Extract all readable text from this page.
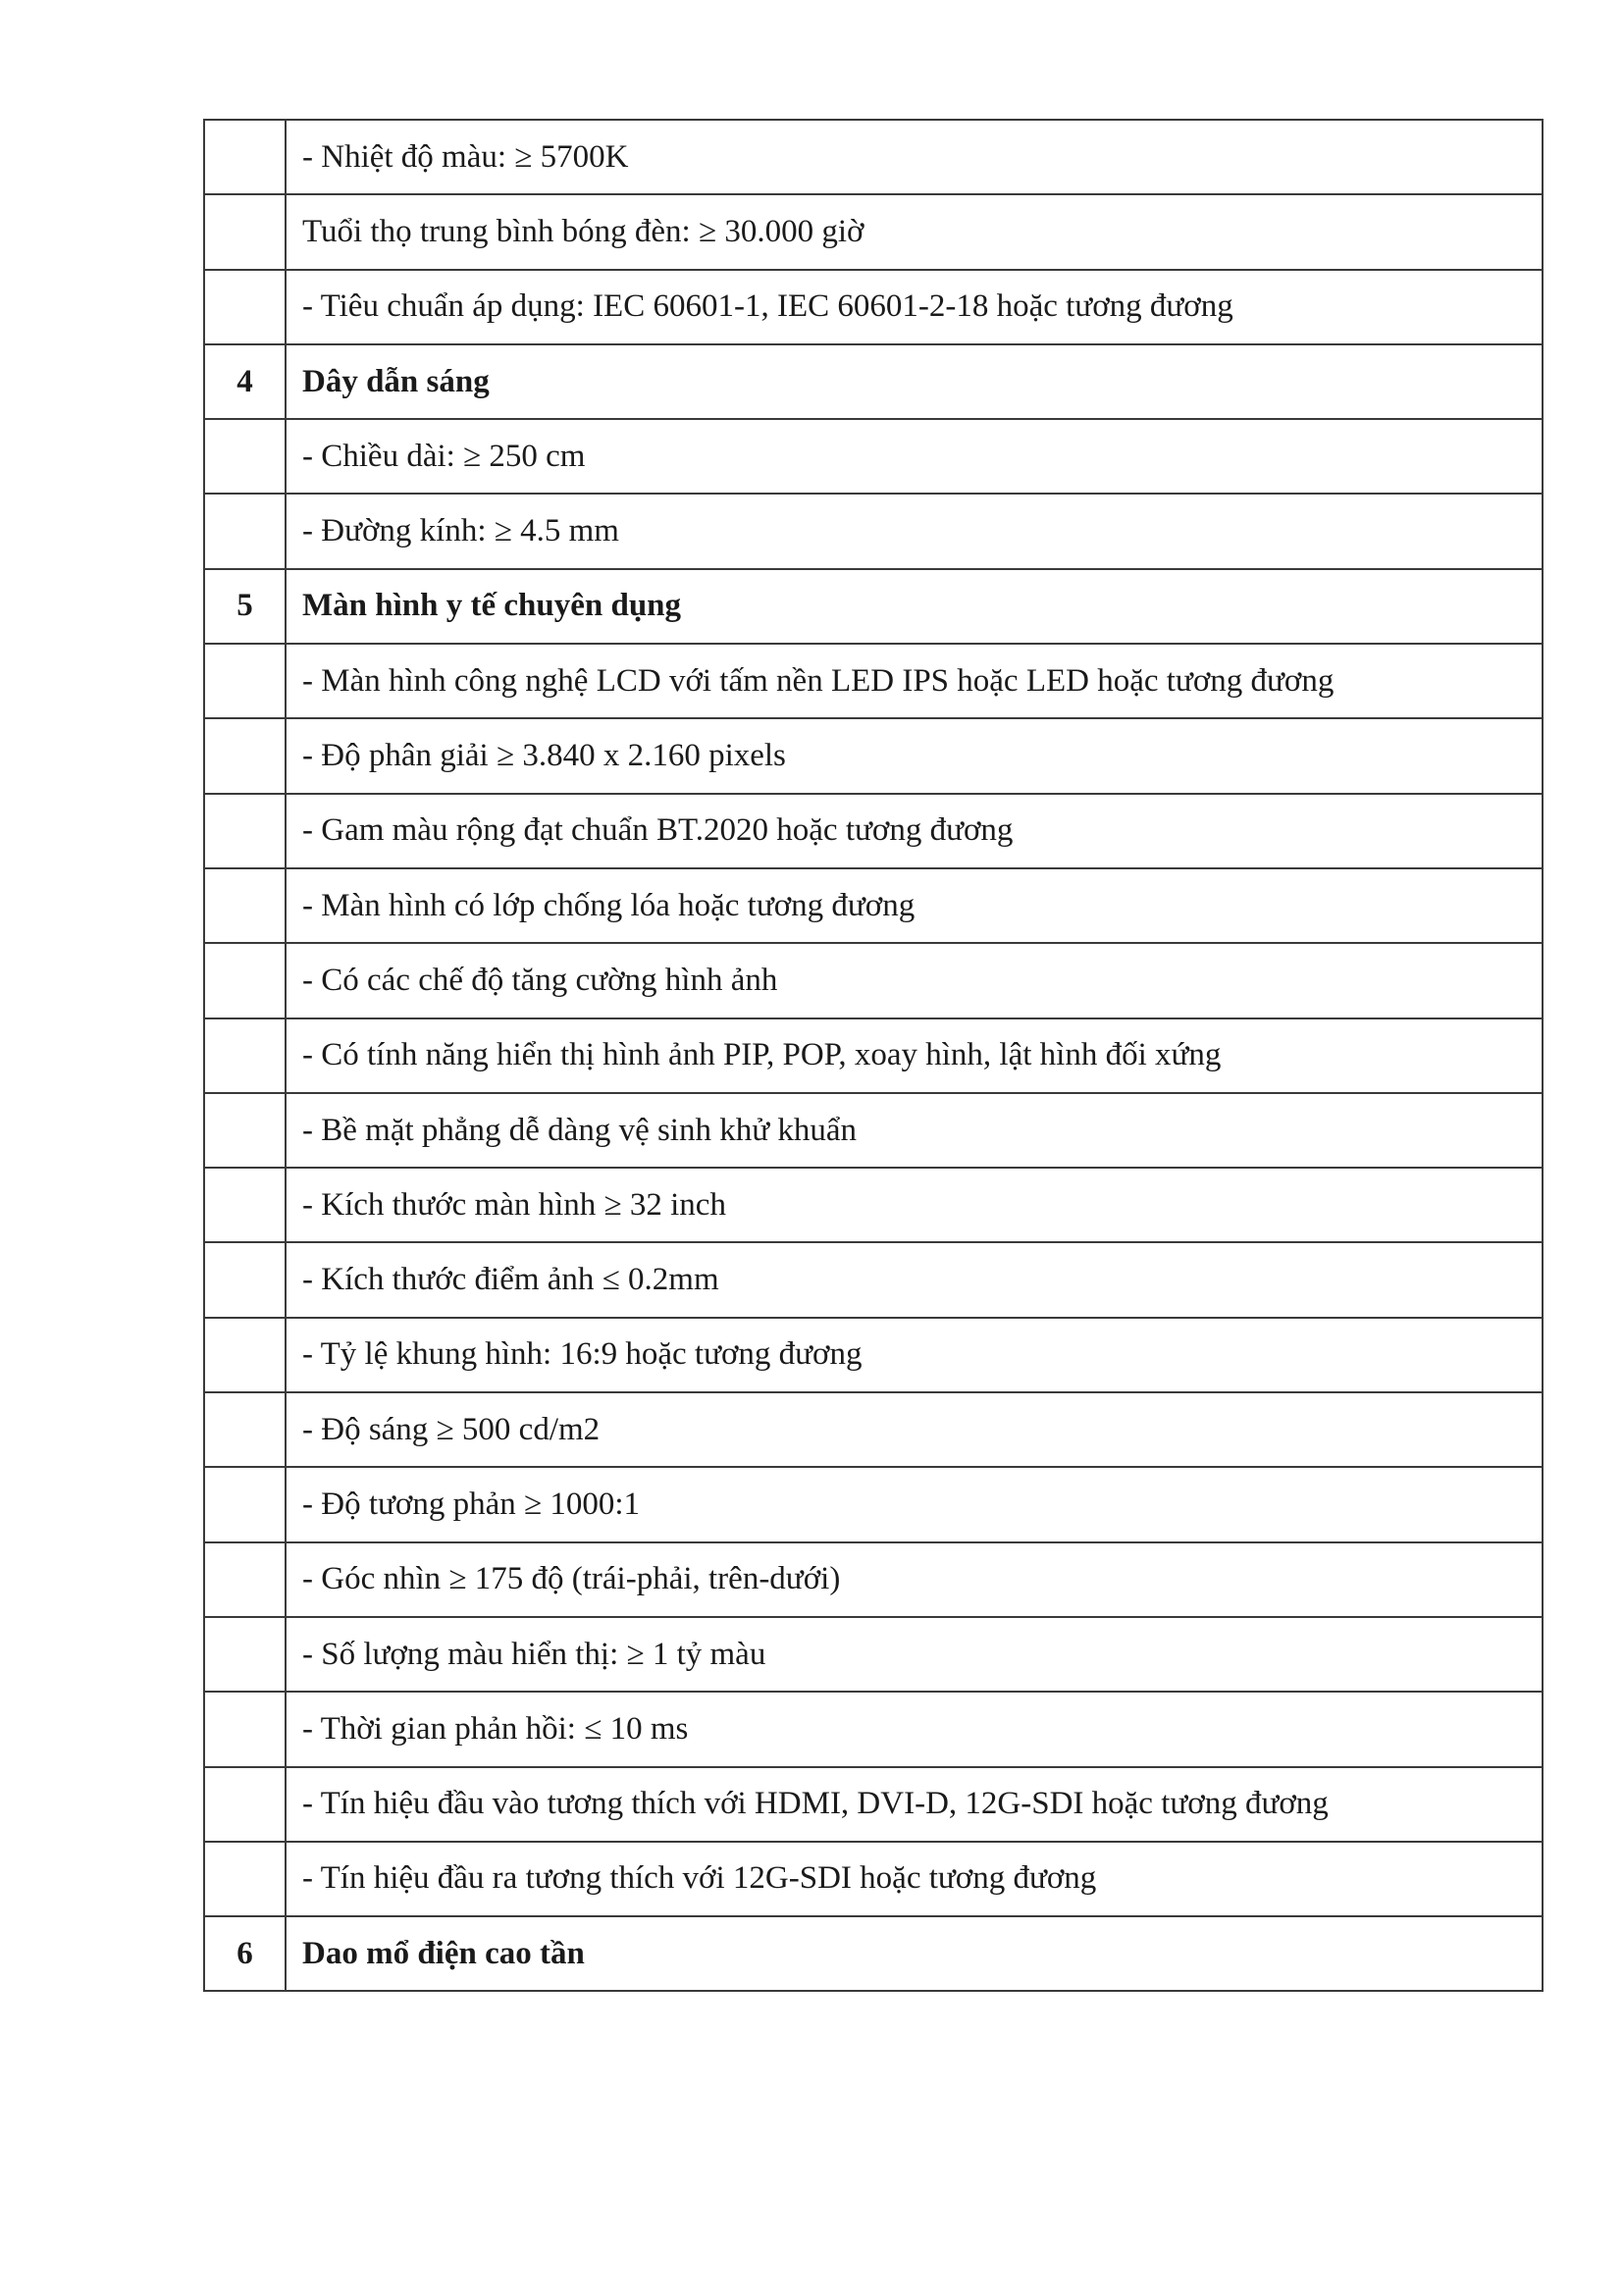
	- Nhiệt độ màu: ≥ 5700K
	Tuổi thọ trung bình bóng đèn: ≥ 30.000 giờ
	- Tiêu chuẩn áp dụng: IEC 60601-1, IEC 60601-2-18 hoặc tương đương
4	Dây dẫn sáng
	- Chiều dài: ≥ 250 cm
	- Đường kính: ≥ 4.5 mm
5	Màn hình y tế chuyên dụng
	- Màn hình công nghệ LCD với tấm nền LED IPS hoặc LED hoặc tương đương
	- Độ phân giải ≥ 3.840 x 2.160 pixels
	- Gam màu rộng đạt chuẩn BT.2020 hoặc tương đương
	- Màn hình có lớp chống lóa hoặc tương đương
	- Có các chế độ tăng cường hình ảnh
	- Có tính năng hiển thị hình ảnh PIP, POP, xoay hình, lật hình đối xứng
	- Bề mặt phẳng dễ dàng vệ sinh khử khuẩn
	- Kích thước màn hình ≥ 32 inch
	- Kích thước điểm ảnh ≤ 0.2mm
	- Tỷ lệ khung hình: 16:9 hoặc tương đương
	- Độ sáng ≥ 500 cd/m2
	- Độ tương phản ≥ 1000:1
	- Góc nhìn ≥ 175 độ (trái-phải, trên-dưới)
	- Số lượng màu hiển thị: ≥ 1 tỷ màu
	- Thời gian phản hồi: ≤ 10 ms
	- Tín hiệu đầu vào tương thích với HDMI, DVI-D, 12G-SDI hoặc tương đương
	- Tín hiệu đầu ra tương thích với 12G-SDI hoặc tương đương
6	Dao mổ điện cao tần
